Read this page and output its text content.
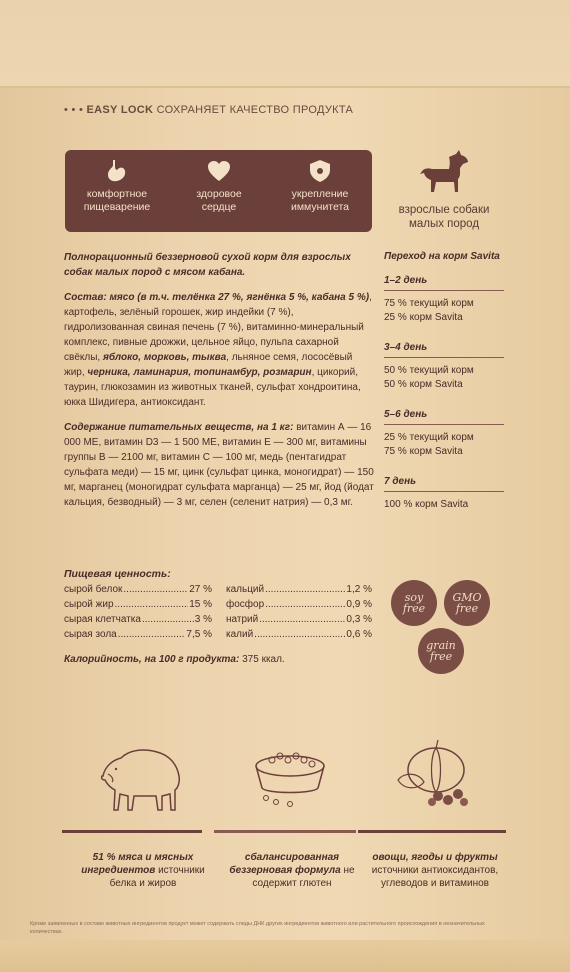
• • • EASY LOCK СОХРАНЯЕТ КАЧЕСТВО ПРОДУКТА
комфортное
пищеварение
здоровое
сердце
укрепление
иммунитета	взрослые собаки
малых пород

Полнорационный беззерновой сухой корм для взрослых собак малых пород с мясом кабана.

Состав: мясо (в т.ч. телёнка 27 %, ягнёнка 5 %, кабана 5 %), картофель, зелёный горошек, жир индейки (7 %), гидролизованная свиная печень (7 %), витаминно-минеральный комплекс, пивные дрожжи, цельное яйцо, пульпа сахарной свёклы, яблоко, морковь, тыква, льняное семя, лососёвый жир, черника, ламинария, топинамбур, розмарин, цикорий, таурин, глюкозамин из животных тканей, сульфат хондроитина, юкка Шидигера, антиоксидант.

Содержание питательных веществ, на 1 кг: витамин А — 16 000 МЕ, витамин D3 — 1 500 МЕ, витамин Е — 300 мг, витамины группы В — 2100 мг, витамин С — 100 мг, медь (пентагидрат сульфата меди) — 15 мг, цинк (сульфат цинка, моногидрат) — 150 мг, марганец (моногидрат сульфата марганца) — 25 мг, йод (йодат кальция, безводный) — 3 мг, селен (селенит натрия) — 0,3 мг.

Пищевая ценность:
сырой белок .....	27 %
сырой жир .....	15 %
сырая клетчатка .....	3 %
сырая зола .....	7,5 %
кальций .....	1,2 %
фосфор .....	0,9 %
натрий .....	0,3 %
калий .....	0,6 %
Калорийность, на 100 г продукта: 375 ккал.
Переход на корм Savita
1–2 день
75 % текущий корм
25 % корм Savita
3–4 день
50 % текущий корм
50 % корм Savita
5–6 день
25 % текущий корм
75 % корм Savita
7 день
100 % корм Savita
soy
free
GMO
free
grain
free
51 % мяса и мясных ингредиентов источники белка и жиров
сбалансированная беззерновая формула не содержит глютен
овощи, ягоды и фрукты источники антиоксидантов, углеводов и витаминов
Кроме заявленных в составе животных ингредиентов продукт может содержать следы ДНК других ингредиентов животного или растительного происхождения в незначительных количествах.
